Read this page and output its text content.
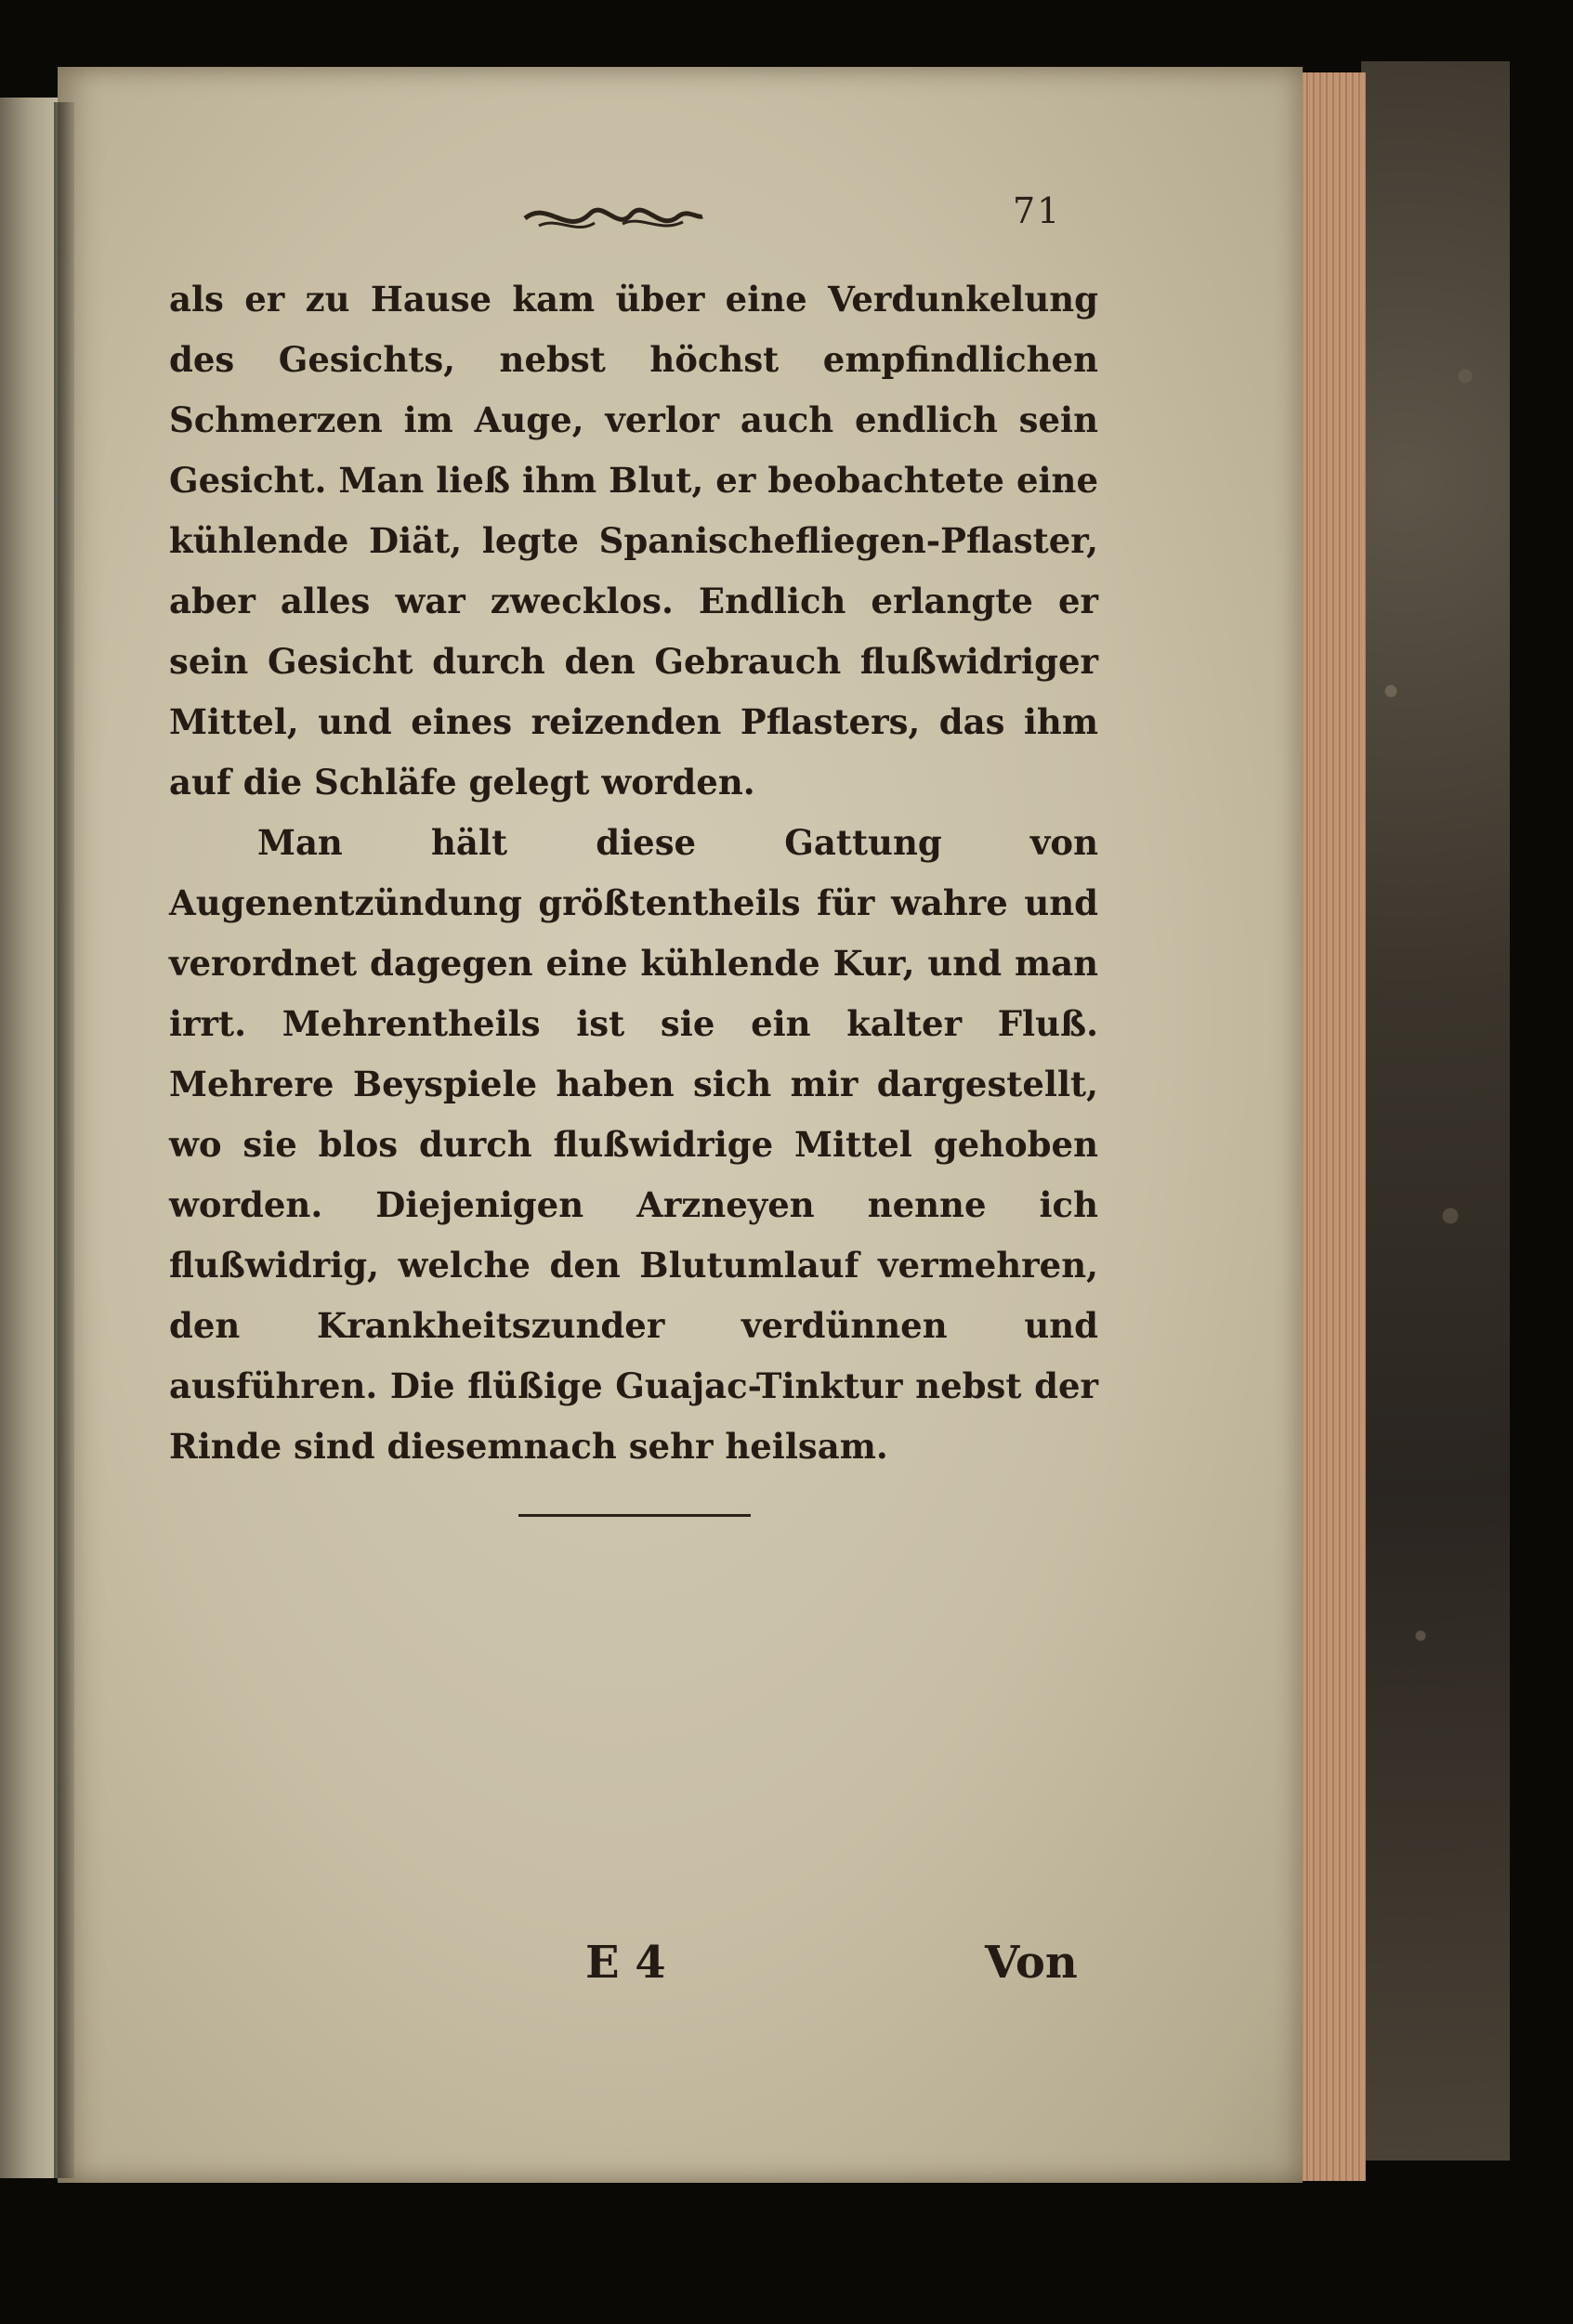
71

als er zu Hause kam über eine Verdunkelung des Gesichts, nebst höchst empfindlichen Schmerzen im Auge, verlor auch endlich sein Gesicht. Man ließ ihm Blut, er beobachtete eine kühlende Diät, legte Spanischefliegen-Pflaster, aber alles war zwecklos. Endlich erlangte er sein Gesicht durch den Gebrauch flußwidriger Mittel, und eines reizenden Pflasters, das ihm auf die Schläfe gelegt worden.

Man hält diese Gattung von Augenentzündung größtentheils für wahre und verordnet dagegen eine kühlende Kur, und man irrt. Mehrentheils ist sie ein kalter Fluß. Mehrere Beyspiele haben sich mir dargestellt, wo sie blos durch flußwidrige Mittel gehoben worden. Diejenigen Arzneyen nenne ich flußwidrig, welche den Blutumlauf vermehren, den Krankheitszunder verdünnen und ausführen. Die flüßige Guajac-Tinktur nebst der Rinde sind diesemnach sehr heilsam.

E 4	Von
